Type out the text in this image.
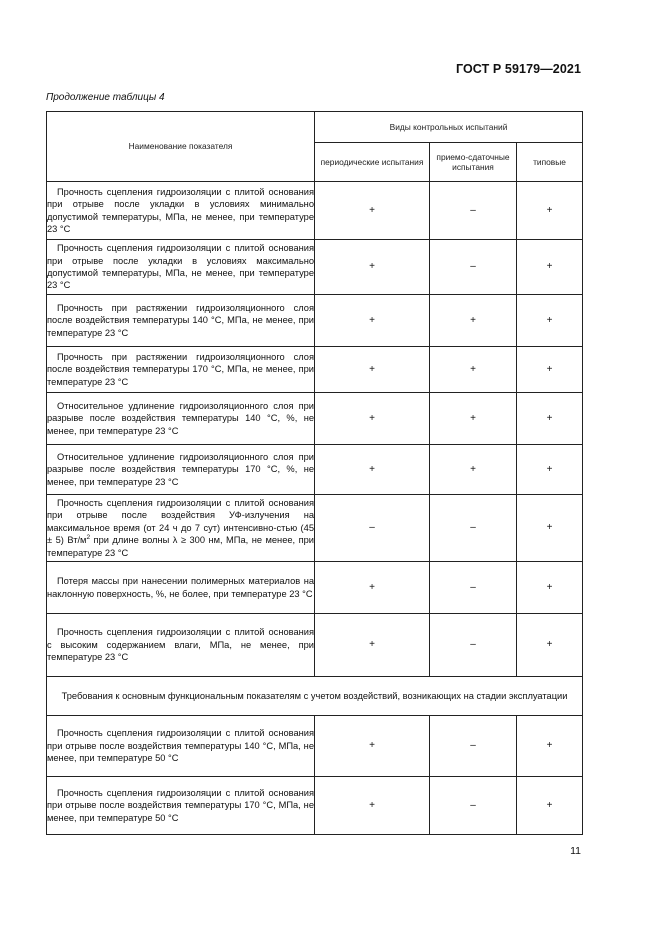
ГОСТ Р 59179—2021
Продолжение таблицы 4
Наименование показателя	Виды контрольных испытаний		
	периодические испытания	приемо-сдаточные испытания	типовые
Прочность сцепления гидроизоляции с плитой основания при отрыве после укладки в условиях минимально допустимой температуры, МПа, не менее, при температуре 23 °С	+	–	+
Прочность сцепления гидроизоляции с плитой основания при отрыве после укладки в условиях максимально допустимой температуры, МПа, не менее, при температуре 23 °С	+	–	+
Прочность при растяжении гидроизоляционного слоя после воздействия температуры 140 °С, МПа, не менее, при температуре 23 °С	+	+	+
Прочность при растяжении гидроизоляционного слоя после воздействия температуры 170 °С, МПа, не менее, при температуре 23 °С	+	+	+
Относительное удлинение гидроизоляционного слоя при разрыве после воздействия температуры 140 °С, %, не менее, при температуре 23 °С	+	+	+
Относительное удлинение гидроизоляционного слоя при разрыве после воздействия температуры 170 °С, %, не менее, при температуре 23 °С	+	+	+
Прочность сцепления гидроизоляции с плитой основания при отрыве после воздействия УФ-излучения на максимальное время (от 24 ч до 7 сут) интенсивно-стью (45 ± 5) $Вт/м^2$ при длине волны λ ≥ 300 нм, МПа, не менее, при температуре 23 °С	–	–	+
Потеря массы при нанесении полимерных материалов на наклонную поверхность, %, не более, при температуре 23 °С	+	–	+
Прочность сцепления гидроизоляции с плитой основания с высоким содержанием влаги, МПа, не менее, при температуре 23 °С	+	–	+
Требования к основным функциональным показателям с учетом воздействий, возникающих на стадии эксплуатации			
Прочность сцепления гидроизоляции с плитой основания при отрыве после воздействия температуры 140 °С, МПа, не менее, при температуре 50 °С	+	–	+
Прочность сцепления гидроизоляции с плитой основания при отрыве после воздействия температуры 170 °С, МПа, не менее, при температуре 50 °С	+	–	+
11
